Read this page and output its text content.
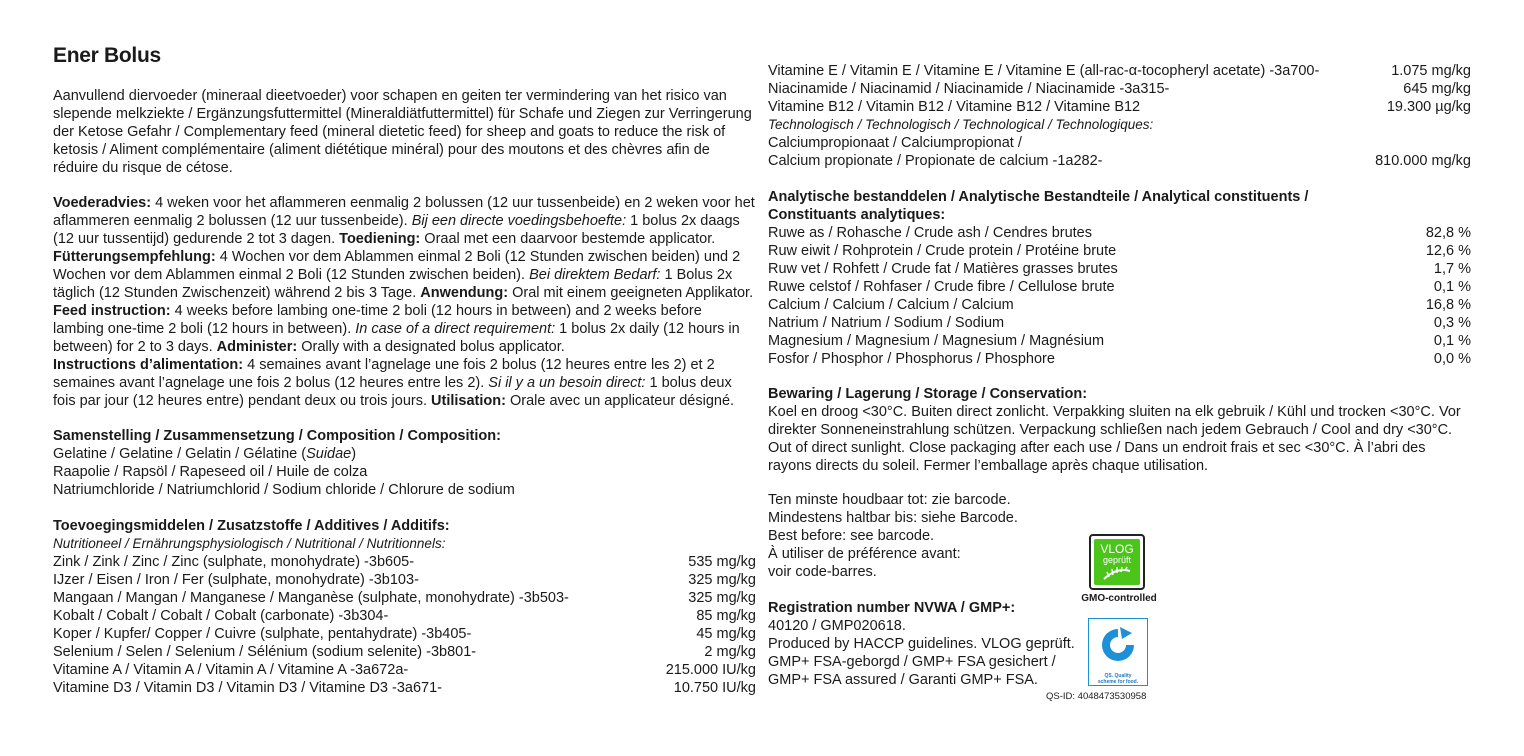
Ener Bolus
Aanvullend diervoeder (mineraal dieetvoeder) voor schapen en geiten ter vermindering van het risico van slepende melkziekte / Ergänzungsfuttermittel (Mineraldiätfuttermittel) für Schafe und Ziegen zur Verringerung der Ketose Gefahr / Complementary feed (mineral dietetic feed) for sheep and goats to reduce the risk of ketosis / Aliment complémentaire (aliment diététique minéral) pour des moutons et des chèvres afin de réduire du risque de cétose.
Voederadvies: 4 weken voor het aflammeren eenmalig 2 bolussen (12 uur tussenbeide) en 2 weken voor het aflammeren eenmalig 2 bolussen (12 uur tussenbeide). Bij een directe voedingsbehoefte: 1 bolus 2x daags (12 uur tussentijd) gedurende 2 tot 3 dagen. Toediening: Oraal met een daarvoor bestemde applicator.
Fütterungsempfehlung: 4 Wochen vor dem Ablammen einmal 2 Boli (12 Stunden zwischen beiden) und 2 Wochen vor dem Ablammen einmal 2 Boli (12 Stunden zwischen beiden). Bei direktem Bedarf: 1 Bolus 2x täglich (12 Stunden Zwischenzeit) während 2 bis 3 Tage. Anwendung: Oral mit einem geeigneten Applikator.
Feed instruction: 4 weeks before lambing one-time 2 boli (12 hours in between) and 2 weeks before lambing one-time 2 boli (12 hours in between). In case of a direct requirement: 1 bolus 2x daily (12 hours in between) for 2 to 3 days. Administer: Orally with a designated bolus applicator.
Instructions d’alimentation: 4 semaines avant l’agnelage une fois 2 bolus (12 heures entre les 2) et 2 semaines avant l’agnelage une fois 2 bolus (12 heures entre les 2). Si il y a un besoin direct: 1 bolus deux fois par jour (12 heures entre) pendant deux ou trois jours. Utilisation: Orale avec un applicateur désigné.
Samenstelling / Zusammensetzung / Composition / Composition:
Gelatine / Gelatine / Gelatin / Gélatine (Suidae)
Raapolie / Rapsöl / Rapeseed oil / Huile de colza
Natriumchloride / Natriumchlorid / Sodium chloride / Chlorure de sodium
Toevoegingsmiddelen / Zusatzstoffe / Additives / Additifs:
Nutritioneel / Ernährungsphysiologisch / Nutritional / Nutritionnels:
Zink / Zink / Zinc / Zinc (sulphate, monohydrate) -3b605-	535 mg/kg
IJzer / Eisen / Iron / Fer (sulphate, monohydrate) -3b103-	325 mg/kg
Mangaan / Mangan / Manganese / Manganèse (sulphate, monohydrate) -3b503-	325 mg/kg
Kobalt / Cobalt / Cobalt / Cobalt (carbonate) -3b304-	85 mg/kg
Koper / Kupfer/ Copper / Cuivre (sulphate, pentahydrate) -3b405-	45 mg/kg
Selenium / Selen / Selenium / Sélénium (sodium selenite) -3b801-	2 mg/kg
Vitamine A / Vitamin A / Vitamin A / Vitamine A -3a672a-	215.000 IU/kg
Vitamine D3 / Vitamin D3 / Vitamin D3 / Vitamine D3 -3a671-	10.750 IU/kg
Vitamine E / Vitamin E / Vitamine E / Vitamine E (all-rac-α-tocopheryl acetate) -3a700-	1.075 mg/kg
Niacinamide / Niacinamid / Niacinamide / Niacinamide -3a315-	645 mg/kg
Vitamine B12 / Vitamin B12 / Vitamine B12 / Vitamine B12	19.300 µg/kg
Technologisch / Technologisch / Technological / Technologiques:
Calciumpropionaat / Calciumpropionat /
Calcium propionate / Propionate de calcium -1a282-	810.000 mg/kg
Analytische bestanddelen / Analytische Bestandteile / Analytical constituents /
Constituants analytiques:
Ruwe as / Rohasche / Crude ash / Cendres brutes	82,8 %
Ruw eiwit / Rohprotein / Crude protein / Protéine brute	12,6 %
Ruw vet / Rohfett / Crude fat / Matières grasses brutes	1,7 %
Ruwe celstof / Rohfaser / Crude fibre / Cellulose brute	0,1 %
Calcium / Calcium / Calcium / Calcium	16,8 %
Natrium / Natrium / Sodium / Sodium	0,3 %
Magnesium / Magnesium / Magnesium / Magnésium	0,1 %
Fosfor / Phosphor / Phosphorus / Phosphore	0,0 %
Bewaring / Lagerung / Storage / Conservation:
Koel en droog <30°C. Buiten direct zonlicht. Verpakking sluiten na elk gebruik / Kühl und trocken <30°C. Vor direkter Sonneneinstrahlung schützen. Verpackung schließen nach jedem Gebrauch / Cool and dry <30°C. Out of direct sunlight. Close packaging after each use / Dans un endroit frais et sec <30°C. À l’abri des rayons directs du soleil. Fermer l’emballage après chaque utilisation.
Ten minste houdbaar tot: zie barcode.
Mindestens haltbar bis: siehe Barcode.
Best before: see barcode.
À utiliser de préférence avant:
voir code-barres.
Registration number NVWA / GMP+:
40120 / GMP020618.
Produced by HACCP guidelines. VLOG geprüft.
GMP+ FSA-geborgd / GMP+ FSA gesichert /
GMP+ FSA assured / Garanti GMP+ FSA.
VLOG
geprüft
GMO-controlled
QS. Quality
scheme for food.
QS-ID: 4048473530958
